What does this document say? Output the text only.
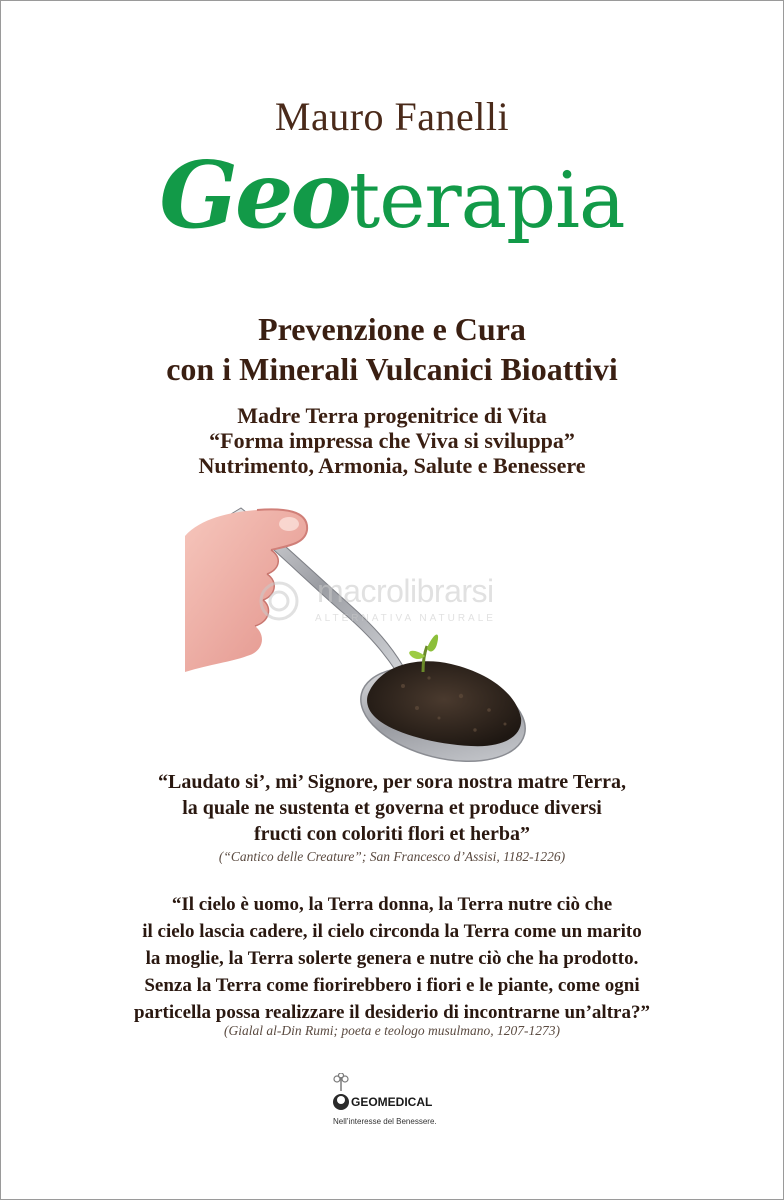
Mauro Fanelli
Geoterapia
Prevenzione e Cura
con i Minerali Vulcanici Bioattivi
Madre Terra progenitrice di Vita
“Forma impressa che Viva si sviluppa”
Nutrimento, Armonia, Salute e Benessere
macrolibrarsi
ALTERNATIVA NATURALE
“Laudato si’, mi’ Signore, per sora nostra matre Terra,
la quale ne sustenta et governa et produce diversi
fructi con coloriti flori et herba”
(“Cantico delle Creature”; San Francesco d’Assisi, 1182-1226)
“Il cielo è uomo, la Terra donna, la Terra nutre ciò che
il cielo lascia cadere, il cielo circonda la Terra come un marito
la moglie, la Terra solerte genera e nutre ciò che ha prodotto.
Senza la Terra come fiorirebbero i fiori e le piante, come ogni
particella possa realizzare il desiderio di incontrarne un’altra?”
(Gialal al-Din Rumi; poeta e teologo musulmano, 1207-1273)
GEOMEDICAL
Nell’interesse del Benessere.
